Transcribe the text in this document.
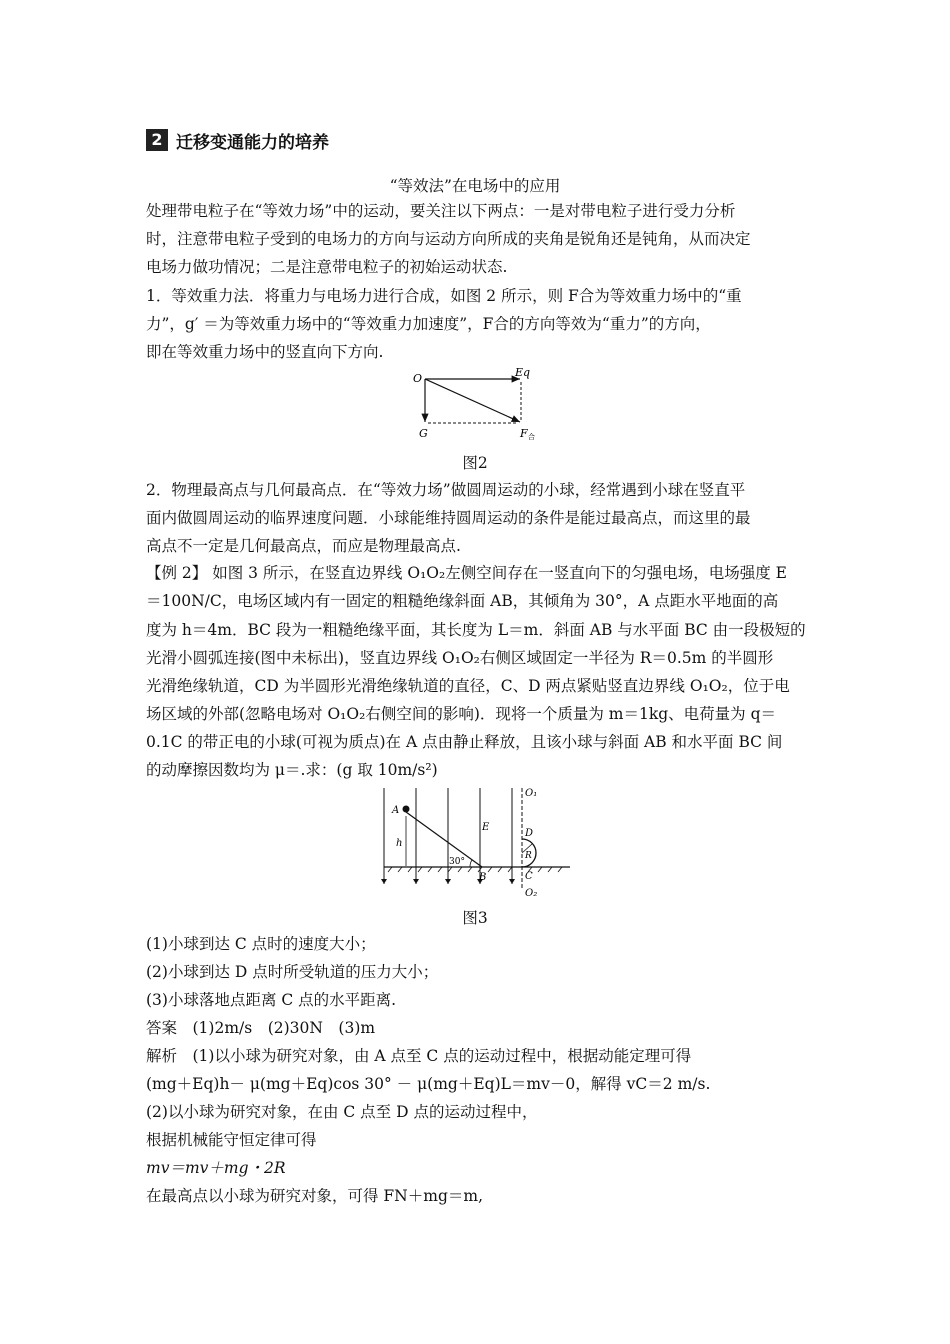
2 迁移变通能力的培养
“等效法”在电场中的应用
处理带电粒子在“等效力场”中的运动，要关注以下两点：一是对带电粒子进行受力分析
时，注意带电粒子受到的电场力的方向与运动方向所成的夹角是锐角还是钝角，从而决定
电场力做功情况；二是注意带电粒子的初始运动状态.
1．等效重力法．将重力与电场力进行合成，如图 2 所示，则 F合为等效重力场中的“重
力”，g′ ＝为等效重力场中的“等效重力加速度”，F合的方向等效为“重力”的方向，
即在等效重力场中的竖直向下方向.
O	Eq
G	F 合
图2
2．物理最高点与几何最高点．在“等效力场”做圆周运动的小球，经常遇到小球在竖直平
面内做圆周运动的临界速度问题．小球能维持圆周运动的条件是能过最高点，而这里的最
高点不一定是几何最高点，而应是物理最高点.
【例 2】 如图 3 所示，在竖直边界线 O₁O₂左侧空间存在一竖直向下的匀强电场，电场强度 E
＝100N/C，电场区域内有一固定的粗糙绝缘斜面 AB，其倾角为 30°，A 点距水平地面的高
度为 h＝4m．BC 段为一粗糙绝缘平面，其长度为 L＝m．斜面 AB 与水平面 BC 由一段极短的
光滑小圆弧连接(图中未标出)，竖直边界线 O₁O₂右侧区域固定一半径为 R＝0.5m 的半圆形
光滑绝缘轨道，CD 为半圆形光滑绝缘轨道的直径，C、D 两点紧贴竖直边界线 O₁O₂，位于电
场区域的外部(忽略电场对 O₁O₂右侧空间的影响)．现将一个质量为 m＝1kg、电荷量为 q＝
0.1C 的带正电的小球(可视为质点)在 A 点由静止释放，且该小球与斜面 AB 和水平面 BC 间
的动摩擦因数均为 μ＝.求：(g 取 10m/s²)
O₁
O₂
A
h
30°
B
E
D
R
C
图3
(1)小球到达 C 点时的速度大小；
(2)小球到达 D 点时所受轨道的压力大小；
(3)小球落地点距离 C 点的水平距离.
答案　(1)2m/s　(2)30N　(3)m
解析　(1)以小球为研究对象，由 A 点至 C 点的运动过程中，根据动能定理可得
(mg＋Eq)h－ μ(mg＋Eq)cos 30° － μ(mg＋Eq)L＝mv－0，解得 vC＝2 m/s.
(2)以小球为研究对象，在由 C 点至 D 点的运动过程中，
根据机械能守恒定律可得
mv＝mv＋mg・2R
在最高点以小球为研究对象，可得 FN＋mg＝m,
